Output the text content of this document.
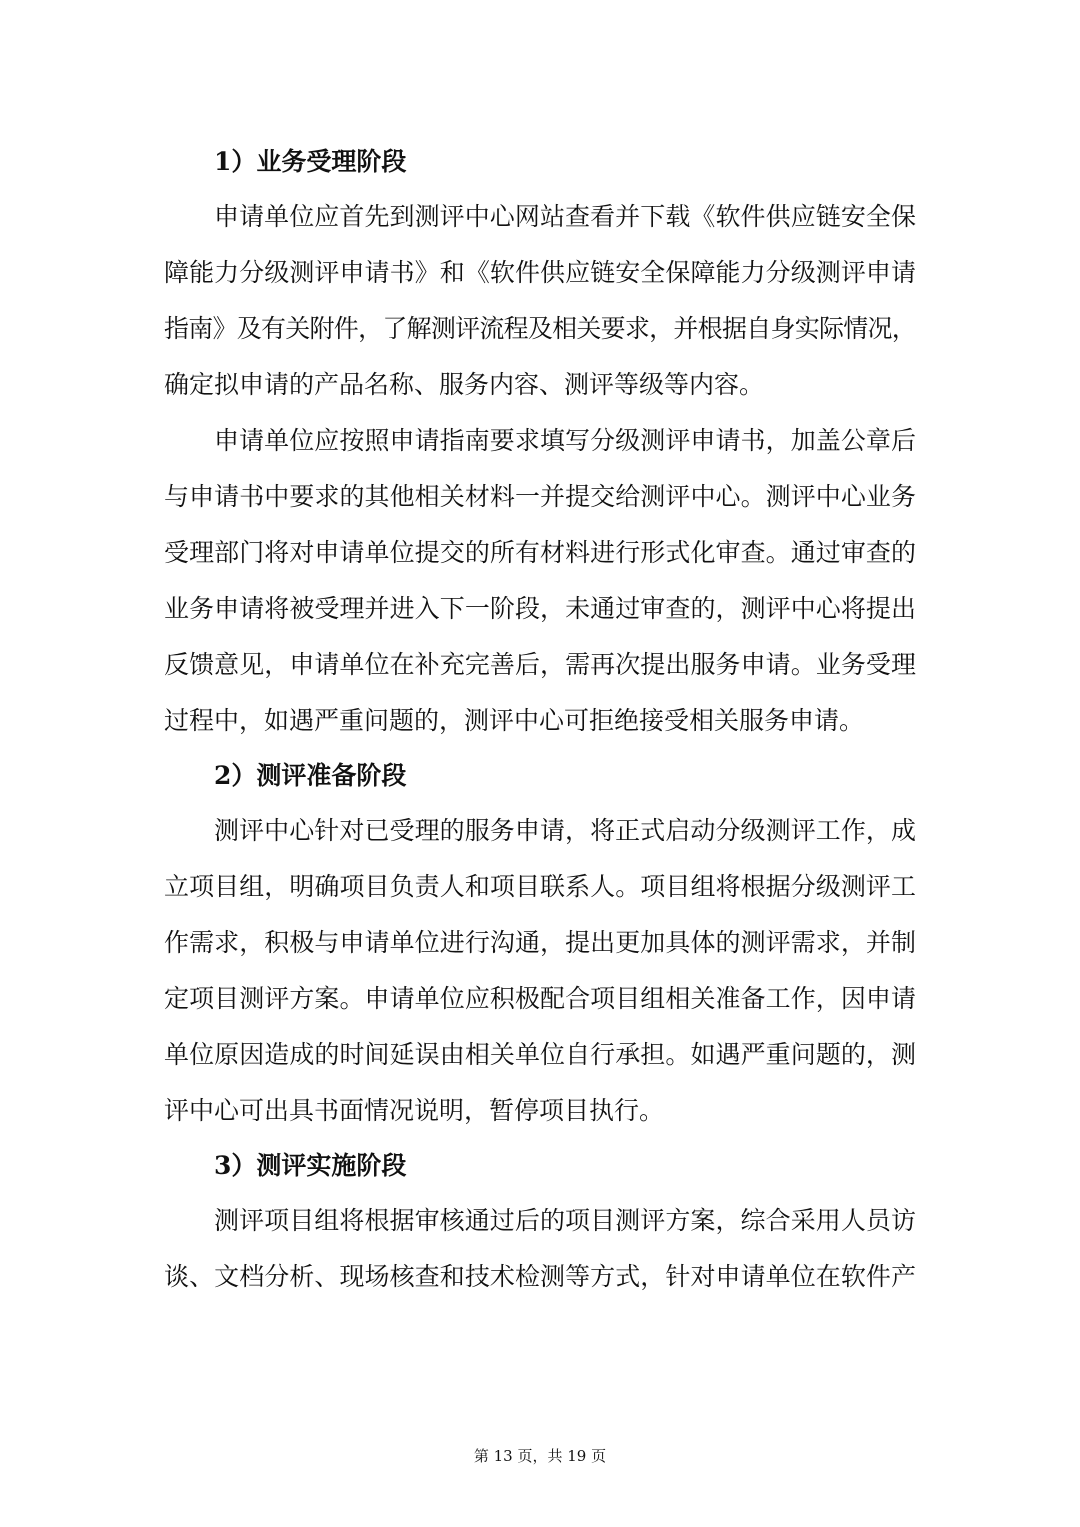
1）业务受理阶段

申请单位应首先到测评中心网站查看并下载《软件供应链安全保
障能力分级测评申请书》和《软件供应链安全保障能力分级测评申请
指南》及有关附件，了解测评流程及相关要求，并根据自身实际情况，
确定拟申请的产品名称、服务内容、测评等级等内容。

申请单位应按照申请指南要求填写分级测评申请书，加盖公章后
与申请书中要求的其他相关材料一并提交给测评中心。测评中心业务
受理部门将对申请单位提交的所有材料进行形式化审查。通过审查的
业务申请将被受理并进入下一阶段，未通过审查的，测评中心将提出
反馈意见，申请单位在补充完善后，需再次提出服务申请。业务受理
过程中，如遇严重问题的，测评中心可拒绝接受相关服务申请。

2）测评准备阶段

测评中心针对已受理的服务申请，将正式启动分级测评工作，成
立项目组，明确项目负责人和项目联系人。项目组将根据分级测评工
作需求，积极与申请单位进行沟通，提出更加具体的测评需求，并制
定项目测评方案。申请单位应积极配合项目组相关准备工作，因申请
单位原因造成的时间延误由相关单位自行承担。如遇严重问题的，测
评中心可出具书面情况说明，暂停项目执行。

3）测评实施阶段

测评项目组将根据审核通过后的项目测评方案，综合采用人员访
谈、文档分析、现场核查和技术检测等方式，针对申请单位在软件产

第 13 页，共 19 页
